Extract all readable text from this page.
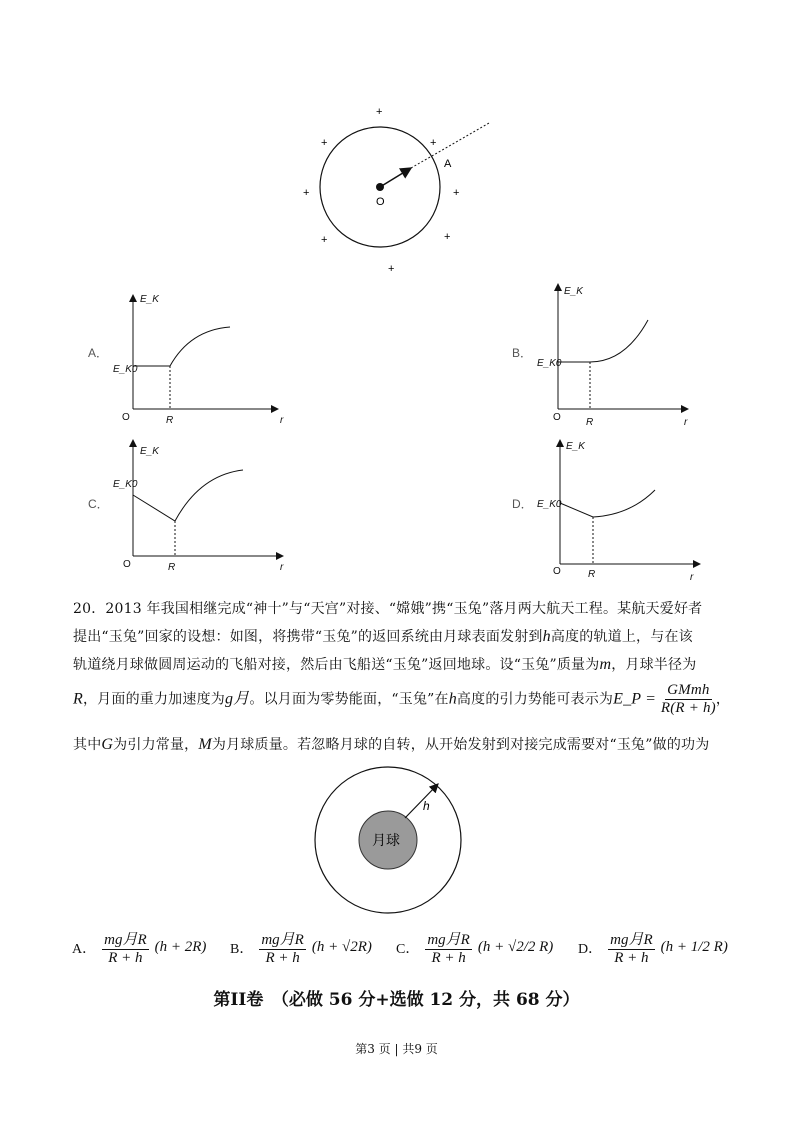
O
A
+
+	+
+	+
+	+
+
A．
E_K
E_K0
O	R	r
B．
E_K
E_K0
O	R	r
C．
E_K
E_K0
O	R	r
D．
E_K
E_K0
O	R	r
月球
h
20．2013 年我国相继完成“神十”与“天宫”对接、“嫦娥”携“玉兔”落月两大航天工程。某航天爱好者
提出“玉兔”回家的设想：如图，将携带“玉兔”的返回系统由月球表面发射到h高度的轨道上，与在该
轨道绕月球做圆周运动的飞船对接，然后由飞船送“玉兔”返回地球。设“玉兔”质量为m，月球半径为
R，月面的重力加速度为g月。以月面为零势能面，“玉兔”在h高度的引力势能可表示为E_P = $\frac{\text{GMmh}}{R(R + h)}$ ，
其中G为引力常量，M为月球质量。若忽略月球的自转，从开始发射到对接完成需要对“玉兔”做的功为
A． $\frac{\text{mg月R}}{R + h} (h + 2R)$ B． $\frac{\text{mg月R}}{R + h} (h + √2R)$ C． $\frac{\text{mg月R}}{R + h} (h + √2/2$ R) D． $\frac{\text{mg月R}}{R + h} (h + 1/2$ R)
第II卷　（必做 56 分+选做 12 分，共 68 分）
第3 页 | 共9 页
